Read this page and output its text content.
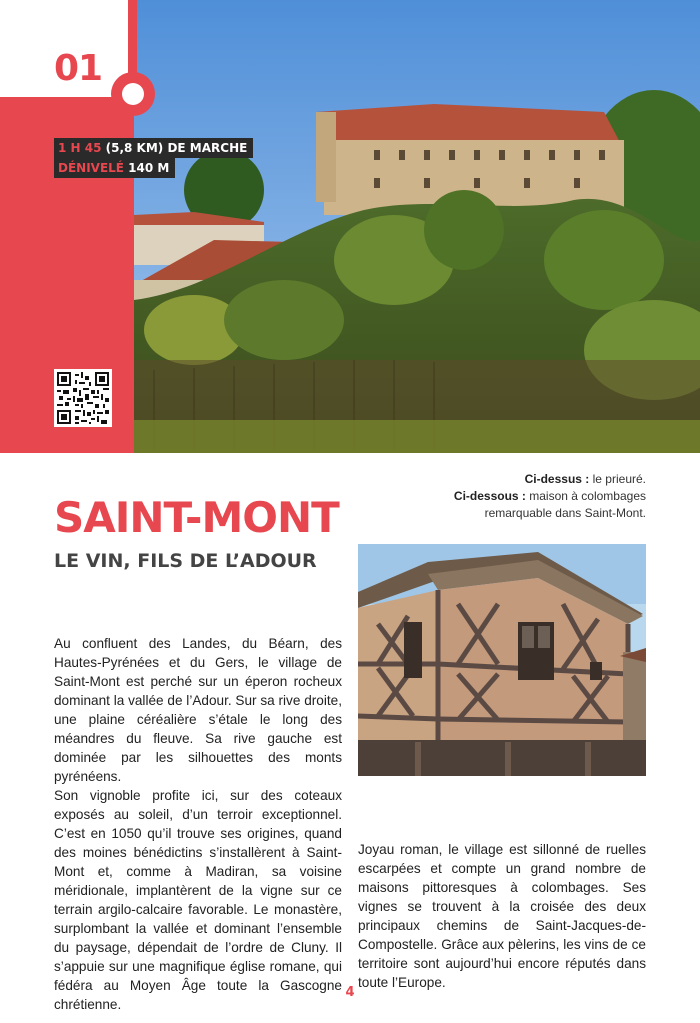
01
1 H 45 (5,8 KM) DE MARCHE
DÉNIVELÉ 140 M
SAINT-MONT
LE VIN, FILS DE L’ADOUR
Ci-dessus : le prieuré.
Ci-dessous : maison à colombages remarquable dans Saint-Mont.

Au confluent des Landes, du Béarn, des Hautes-Pyrénées et du Gers, le village de Saint-Mont est perché sur un éperon rocheux dominant la vallée de l’Adour. Sur sa rive droite, une plaine céréalière s’étale le long des méandres du fleuve. Sa rive gauche est dominée par les silhouettes des monts pyrénéens.

Son vignoble profite ici, sur des coteaux exposés au soleil, d’un terroir exceptionnel. C’est en 1050 qu’il trouve ses origines, quand des moines bénédictins s’installèrent à Saint-Mont et, comme à Madiran, sa voisine méridionale, implantèrent de la vigne sur ce terrain argilo-calcaire favorable. Le monastère, surplombant la vallée et dominant l’ensemble du paysage, dépendait de l’ordre de Cluny. Il s’appuie sur une magnifique église romane, qui fédéra au Moyen Âge toute la Gascogne chrétienne.

Joyau roman, le village est sillonné de ruelles escarpées et compte un grand nombre de maisons pittoresques à colombages. Ses vignes se trouvent à la croisée des deux principaux chemins de Saint-Jacques-de-Compostelle. Grâce aux pèlerins, les vins de ce territoire sont aujourd’hui encore réputés dans toute l’Europe.

4
